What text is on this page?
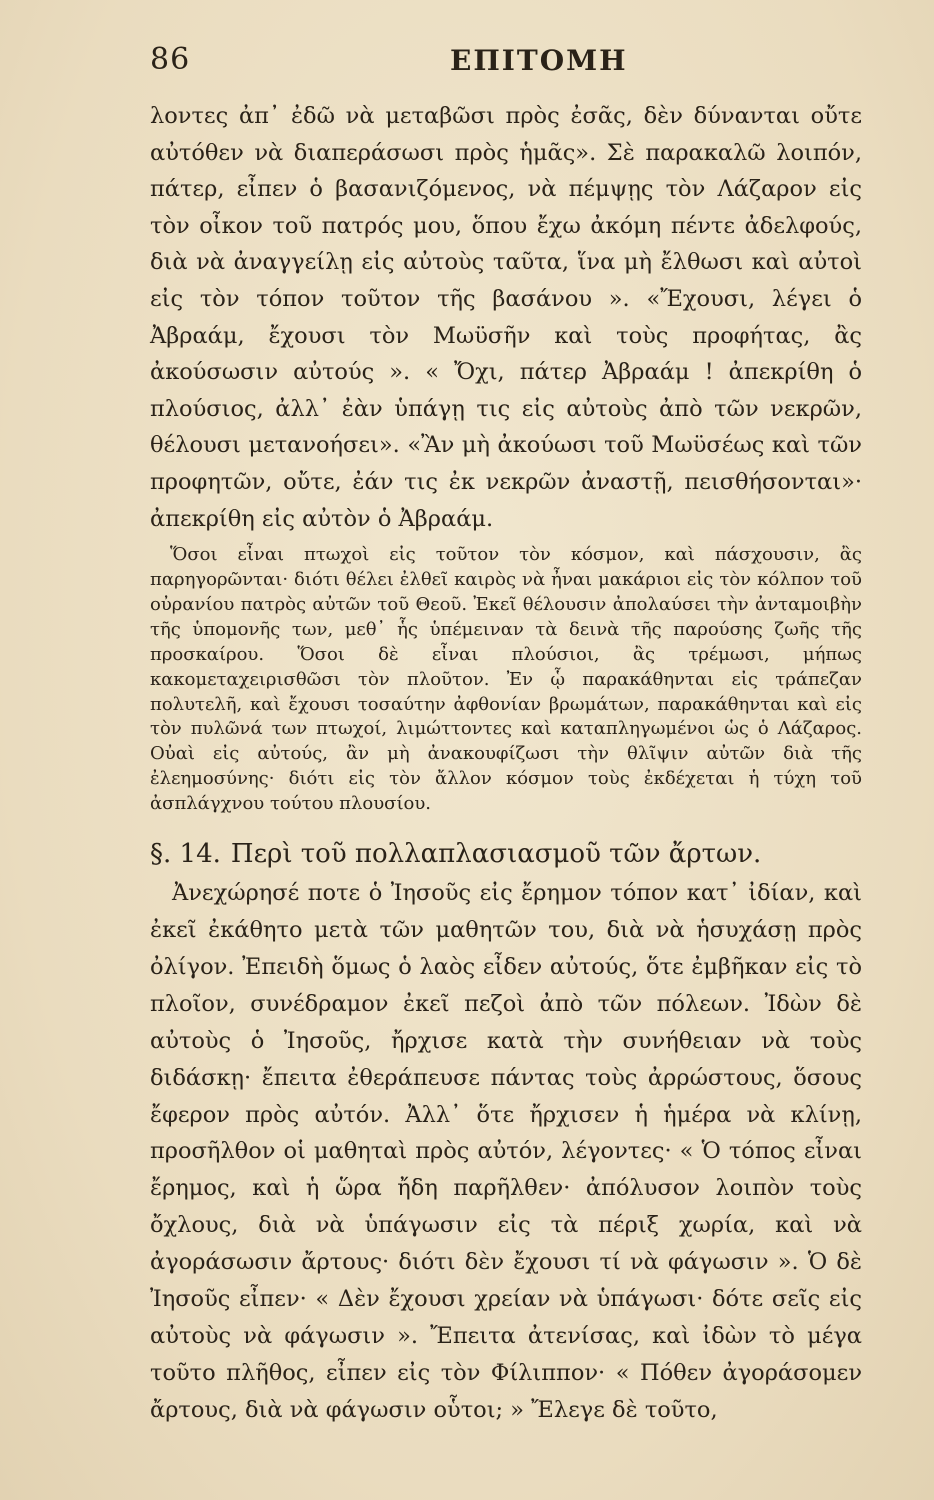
86	ΕΠΙΤΟΜΗ

λοντες ἀπ᾽ ἐδῶ νὰ μεταβῶσι πρὸς ἐσᾶς, δὲν δύνανται οὔτε αὐτόθεν νὰ διαπεράσωσι πρὸς ἡμᾶς». Σὲ παρακαλῶ λοιπόν, πάτερ, εἶπεν ὁ βασανιζόμενος, νὰ πέμψῃς τὸν Λάζαρον εἰς τὸν οἶκον τοῦ πατρός μου, ὅπου ἔχω ἀκόμη πέντε ἀδελφούς, διὰ νὰ ἀναγγείλῃ εἰς αὐτοὺς ταῦτα, ἵνα μὴ ἔλθωσι καὶ αὐτοὶ εἰς τὸν τόπον τοῦτον τῆς βασάνου ». «Ἔχουσι, λέγει ὁ Ἀβραάμ, ἔχουσι τὸν Μωϋσῆν καὶ τοὺς προφήτας, ἂς ἀκούσωσιν αὐτούς ». « Ὄχι, πάτερ Ἀβραάμ ! ἀπεκρίθη ὁ πλούσιος, ἀλλ᾽ ἐὰν ὑπάγῃ τις εἰς αὐτοὺς ἀπὸ τῶν νεκρῶν, θέλουσι μετανοήσει». «Ἂν μὴ ἀκούωσι τοῦ Μωϋσέως καὶ τῶν προφητῶν, οὔτε, ἐάν τις ἐκ νεκρῶν ἀναστῇ, πεισθήσονται»· ἀπεκρίθη εἰς αὐτὸν ὁ Ἀβραάμ.

Ὅσοι εἶναι πτωχοὶ εἰς τοῦτον τὸν κόσμον, καὶ πάσχουσιν, ἂς παρηγορῶνται· διότι θέλει ἐλθεῖ καιρὸς νὰ ἦναι μακάριοι εἰς τὸν κόλπον τοῦ οὐρανίου πατρὸς αὐτῶν τοῦ Θεοῦ. Ἐκεῖ θέλουσιν ἀπολαύσει τὴν ἀνταμοιβὴν τῆς ὑπομονῆς των, μεθ᾽ ἧς ὑπέμειναν τὰ δεινὰ τῆς παρούσης ζωῆς τῆς προσκαίρου. Ὅσοι δὲ εἶναι πλούσιοι, ἂς τρέμωσι, μήπως κακομεταχειρισθῶσι τὸν πλοῦτον. Ἐν ᾧ παρακάθηνται εἰς τράπεζαν πολυτελῆ, καὶ ἔχουσι τοσαύτην ἀφθονίαν βρωμάτων, παρακάθηνται καὶ εἰς τὸν πυλῶνά των πτωχοί, λιμώττοντες καὶ καταπληγωμένοι ὡς ὁ Λάζαρος. Οὐαὶ εἰς αὐτούς, ἂν μὴ ἀνακουφίζωσι τὴν θλῖψιν αὐτῶν διὰ τῆς ἐλεημοσύνης· διότι εἰς τὸν ἄλλον κόσμον τοὺς ἐκδέχεται ἡ τύχη τοῦ ἀσπλάγχνου τούτου πλουσίου.

§. 14. Περὶ τοῦ πολλαπλασιασμοῦ τῶν ἄρτων.

Ἀνεχώρησέ ποτε ὁ Ἰησοῦς εἰς ἔρημον τόπον κατ᾽ ἰδίαν, καὶ ἐκεῖ ἐκάθητο μετὰ τῶν μαθητῶν του, διὰ νὰ ἡσυχάσῃ πρὸς ὀλίγον. Ἐπειδὴ ὅμως ὁ λαὸς εἶδεν αὐτούς, ὅτε ἐμβῆκαν εἰς τὸ πλοῖον, συνέδραμον ἐκεῖ πεζοὶ ἀπὸ τῶν πόλεων. Ἰδὼν δὲ αὐτοὺς ὁ Ἰησοῦς, ἤρχισε κατὰ τὴν συνήθειαν νὰ τοὺς διδάσκῃ· ἔπειτα ἐθεράπευσε πάντας τοὺς ἀρρώστους, ὅσους ἔφερον πρὸς αὐτόν. Ἀλλ᾽ ὅτε ἤρχισεν ἡ ἡμέρα νὰ κλίνῃ, προσῆλθον οἱ μαθηταὶ πρὸς αὐτόν, λέγοντες· « Ὁ τόπος εἶναι ἔρημος, καὶ ἡ ὥρα ἤδη παρῆλθεν· ἀπόλυσον λοιπὸν τοὺς ὄχλους, διὰ νὰ ὑπάγωσιν εἰς τὰ πέριξ χωρία, καὶ νὰ ἀγοράσωσιν ἄρτους· διότι δὲν ἔχουσι τί νὰ φάγωσιν ». Ὁ δὲ Ἰησοῦς εἶπεν· « Δὲν ἔχουσι χρείαν νὰ ὑπάγωσι· δότε σεῖς εἰς αὐτοὺς νὰ φάγωσιν ». Ἔπειτα ἀτενίσας, καὶ ἰδὼν τὸ μέγα τοῦτο πλῆθος, εἶπεν εἰς τὸν Φίλιππον· « Πόθεν ἀγοράσομεν ἄρτους, διὰ νὰ φάγωσιν οὗτοι; » Ἔλεγε δὲ τοῦτο,
